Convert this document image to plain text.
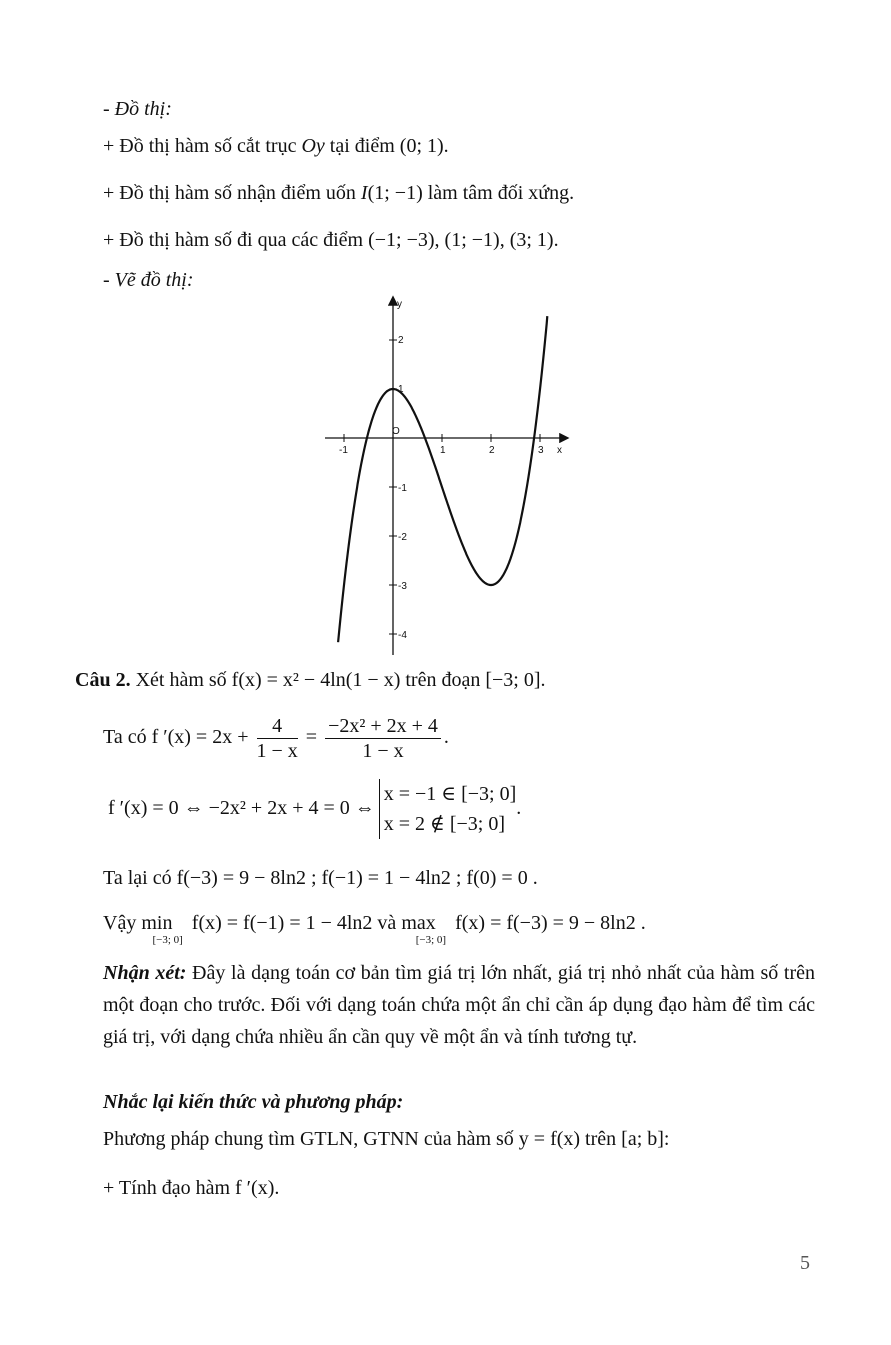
- Đồ thị:
+ Đồ thị hàm số cắt trục Oy tại điểm (0; 1).
+ Đồ thị hàm số nhận điểm uốn I(1; −1) làm tâm đối xứng.
+ Đồ thị hàm số đi qua các điểm (−1; −3), (1; −1), (3; 1).
- Vẽ đồ thị:
-1	1	2	3 x
y
O
2
1
-1
-2
-3
-4
Câu 2. Xét hàm số f(x) = x² − 4ln(1 − x) trên đoạn [−3; 0].
Ta có f $'(x) = 2x + \frac{4}{1 - x} = \frac{\text{−2x² + 2x + 4}}{1 - x}$ .
f ′(x) = 0 ⇔ −2x² + 2x + 4 = 0 ⇔
x = −1 ∈ [−3; 0]
x = 2 ∉ [−3; 0]
.
Ta lại có f(−3) = 9 − 8ln2 ; f(−1) = 1 − 4ln2 ; f(0) = 0 .
Vậy min[−3; 0] f(x) = f(−1) = 1 − 4ln2 và max[−3; 0] f(x) = f(−3) = 9 − 8ln2 .
Nhận xét: Đây là dạng toán cơ bản tìm giá trị lớn nhất, giá trị nhỏ nhất của hàm số trên một đoạn cho trước. Đối với dạng toán chứa một ẩn chỉ cần áp dụng đạo hàm để tìm các giá trị, với dạng chứa nhiều ẩn cần quy về một ẩn và tính tương tự.
Nhắc lại kiến thức và phương pháp:
Phương pháp chung tìm GTLN, GTNN của hàm số y = f(x) trên [a; b]:
+ Tính đạo hàm f ′(x).
5
